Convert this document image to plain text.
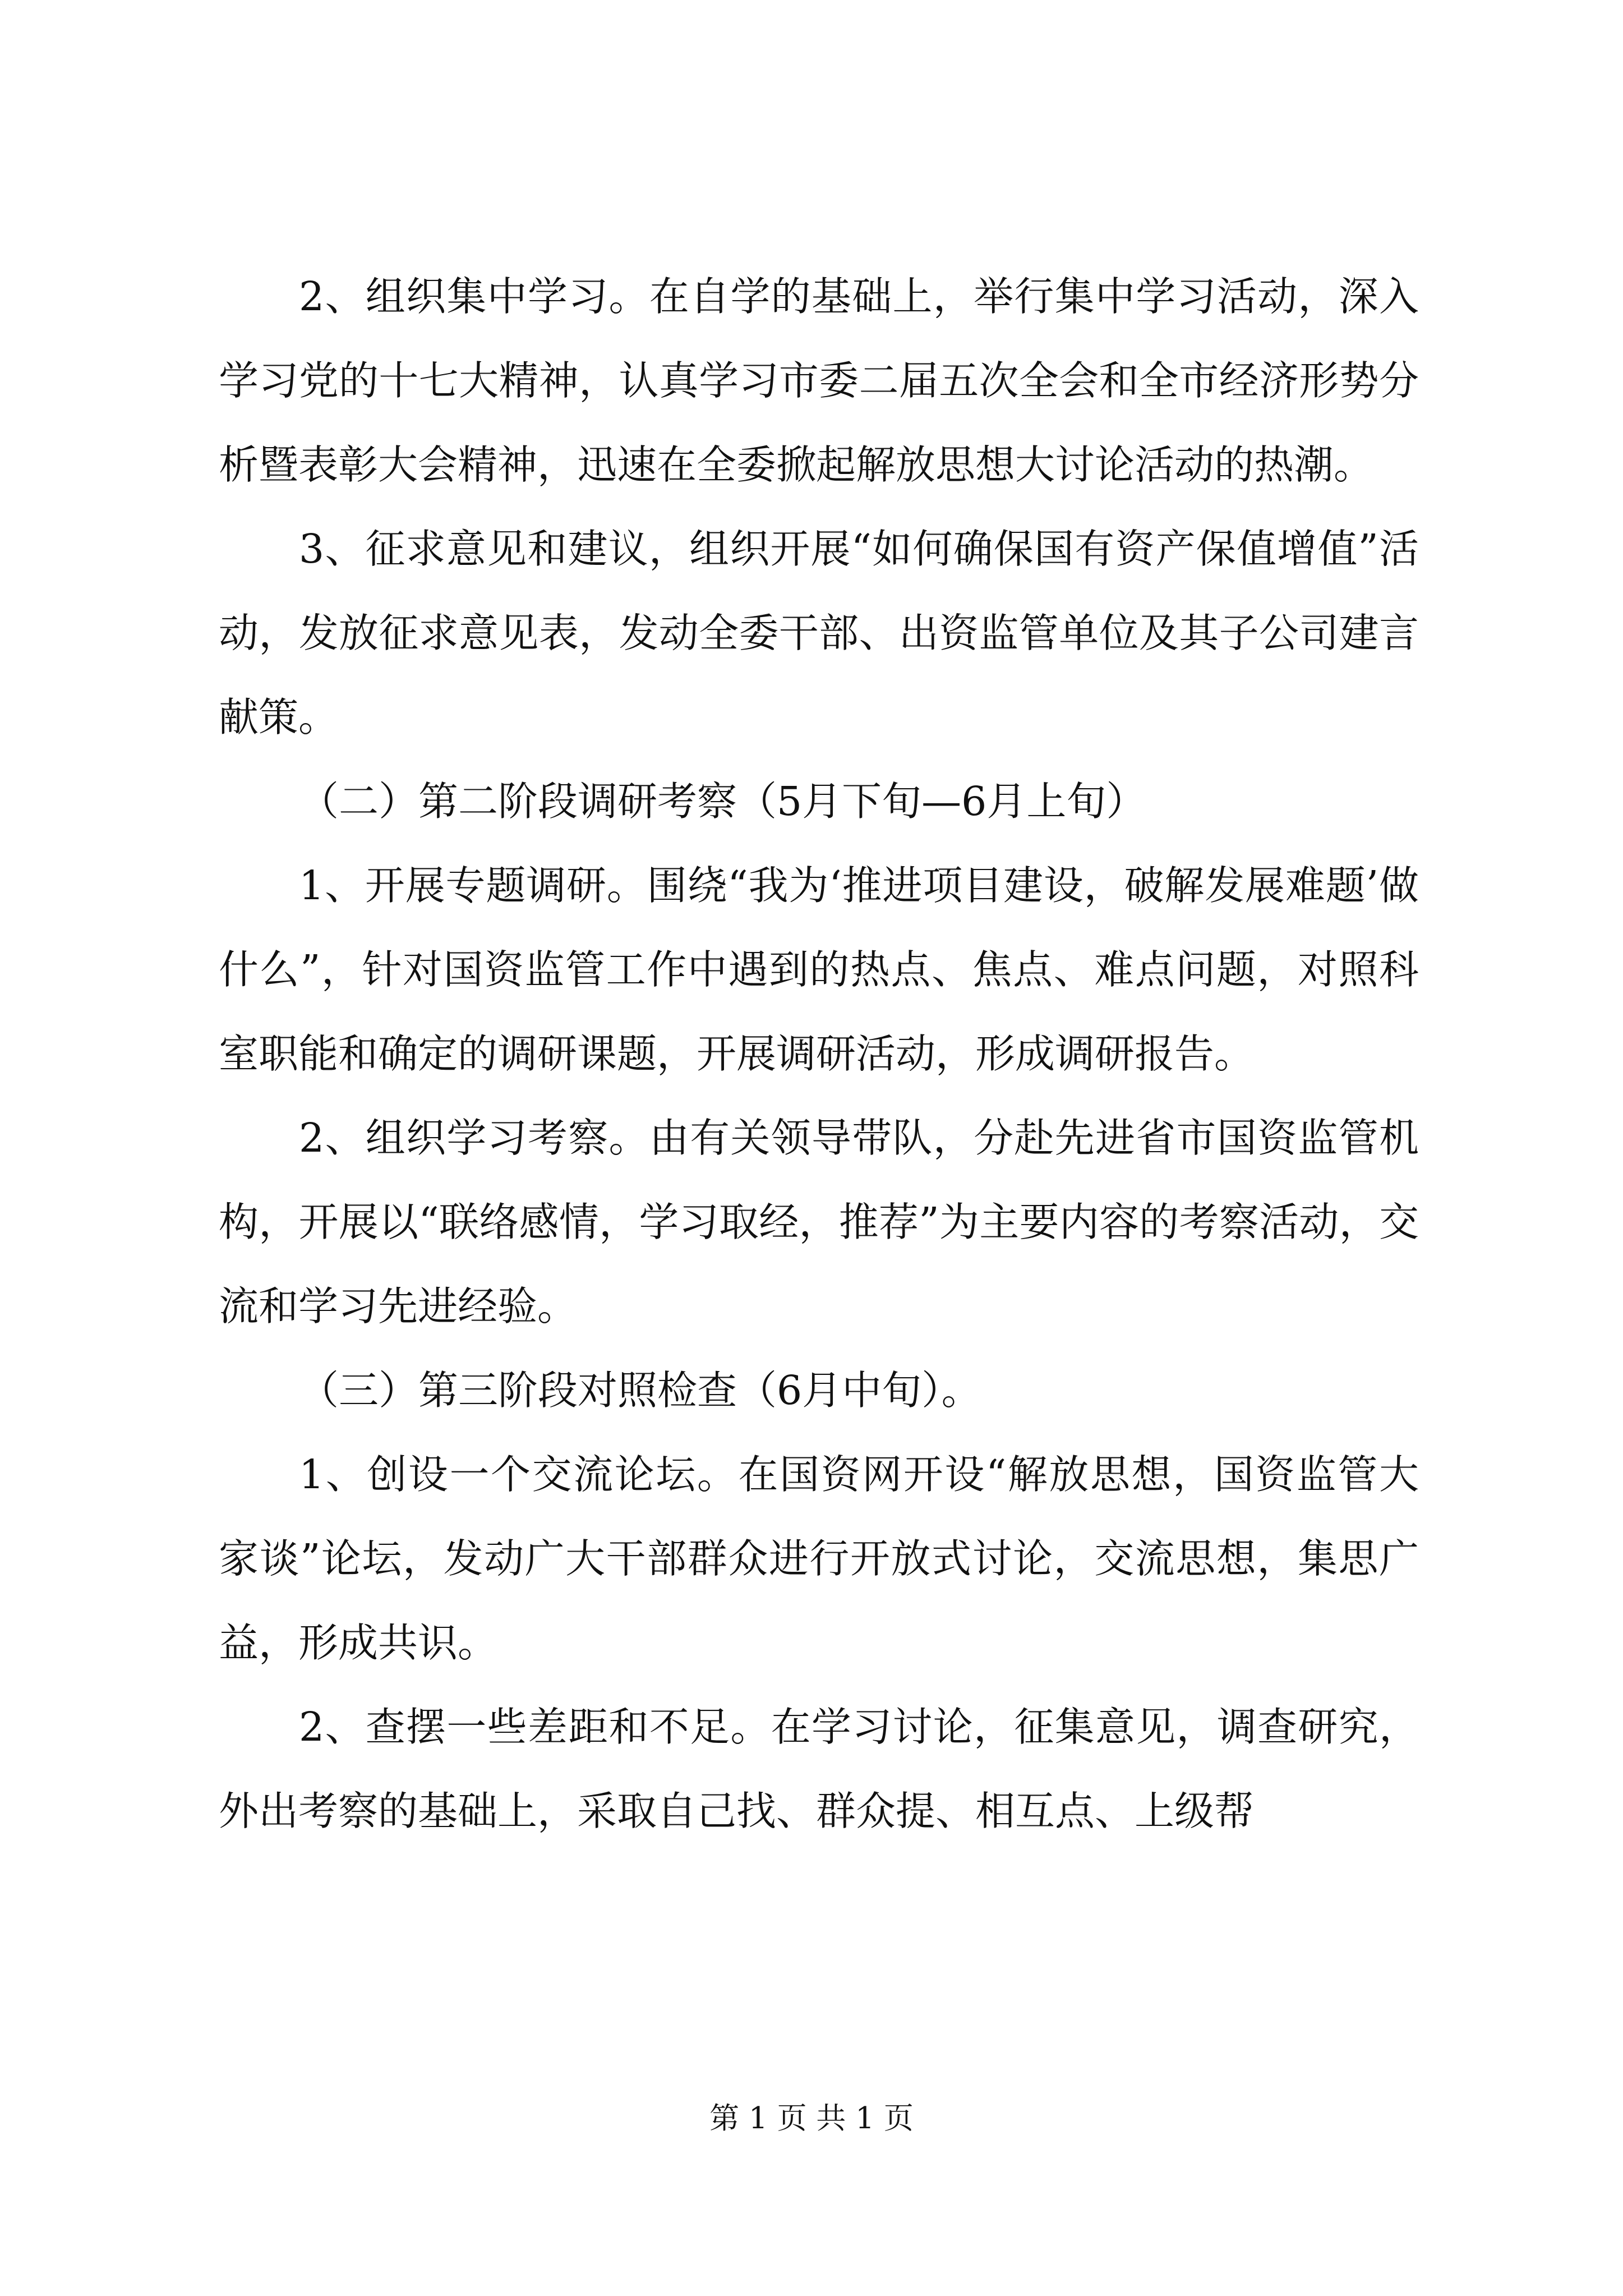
2、组织集中学习。在自学的基础上，举行集中学习活动，深入学习党的十七大精神，认真学习市委二届五次全会和全市经济形势分析暨表彰大会精神，迅速在全委掀起解放思想大讨论活动的热潮。

3、征求意见和建议，组织开展“如何确保国有资产保值增值”活动，发放征求意见表，发动全委干部、出资监管单位及其子公司建言献策。

（二）第二阶段调研考察（5月下旬—6月上旬）

1、开展专题调研。围绕“我为‘推进项目建设，破解发展难题’做什么”，针对国资监管工作中遇到的热点、焦点、难点问题，对照科室职能和确定的调研课题，开展调研活动，形成调研报告。

2、组织学习考察。由有关领导带队，分赴先进省市国资监管机构，开展以“联络感情，学习取经，推荐”为主要内容的考察活动，交流和学习先进经验。

（三）第三阶段对照检查（6月中旬）。

1、创设一个交流论坛。在国资网开设“解放思想，国资监管大家谈”论坛，发动广大干部群众进行开放式讨论，交流思想，集思广益，形成共识。

2、查摆一些差距和不足。在学习讨论，征集意见，调查研究，外出考察的基础上，采取自己找、群众提、相互点、上级帮

第 1 页 共 1 页
